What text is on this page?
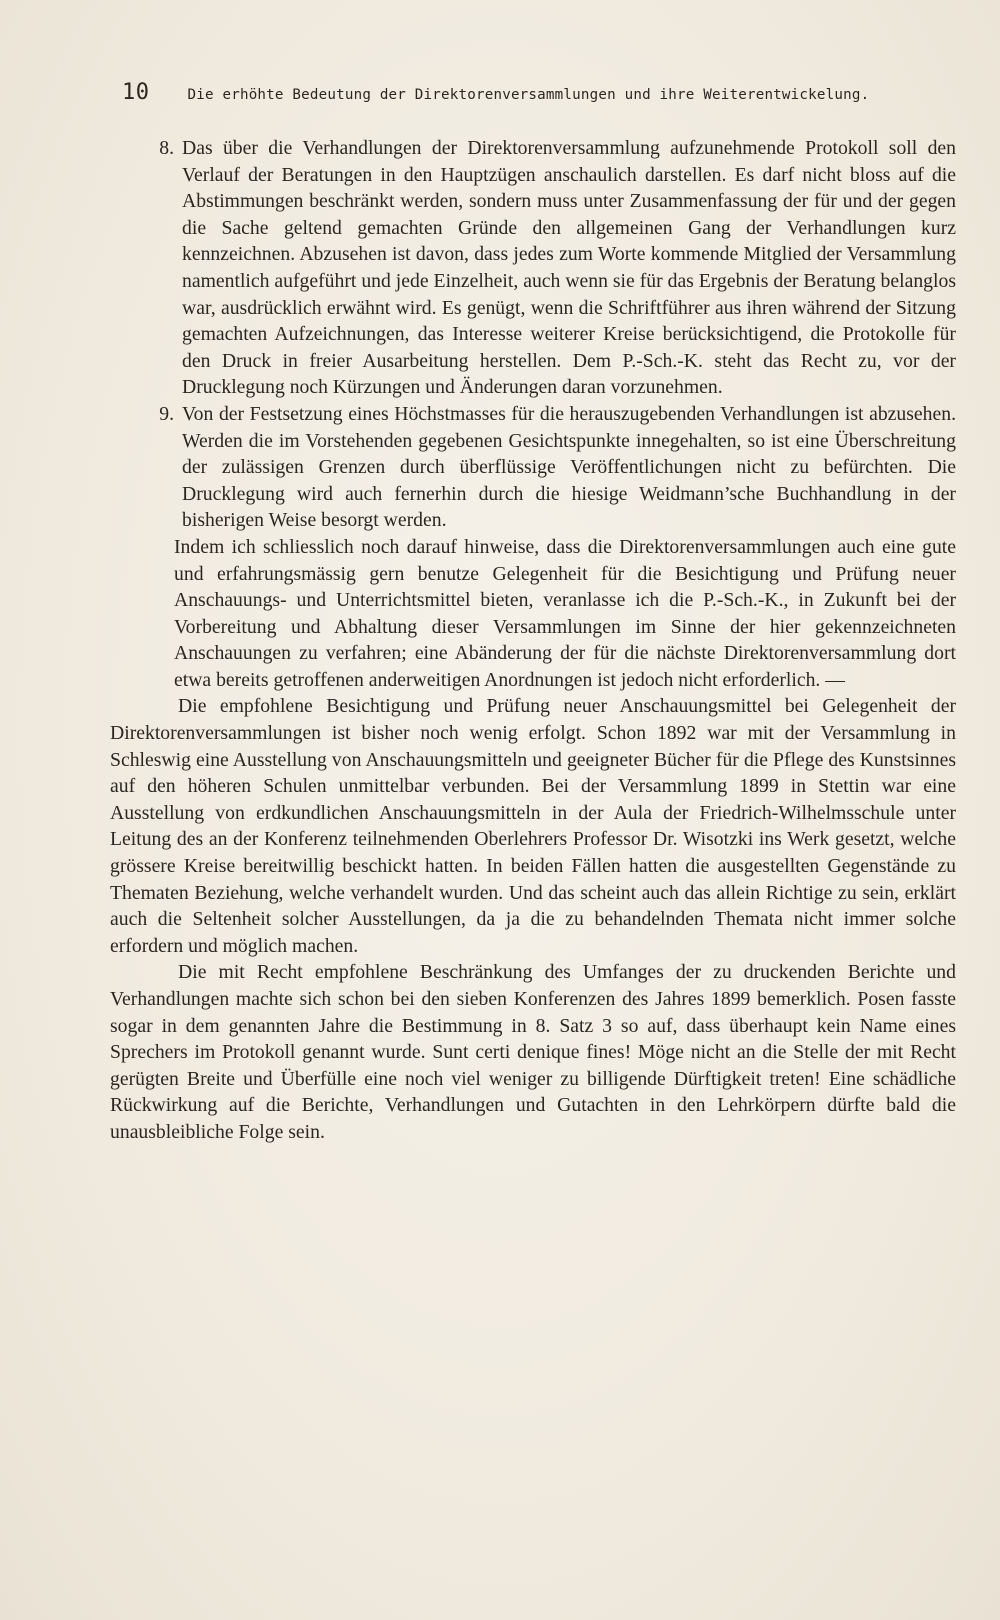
10	Die erhöhte Bedeutung der Direktorenversammlungen und ihre Weiterentwickelung.
8. Das über die Verhandlungen der Direktorenversammlung aufzunehmende Protokoll soll den Verlauf der Beratungen in den Hauptzügen anschaulich darstellen. Es darf nicht bloss auf die Abstimmungen beschränkt werden, sondern muss unter Zusammenfassung der für und der gegen die Sache geltend gemachten Gründe den allgemeinen Gang der Verhandlungen kurz kennzeichnen. Abzusehen ist davon, dass jedes zum Worte kommende Mitglied der Versammlung namentlich aufgeführt und jede Einzelheit, auch wenn sie für das Ergebnis der Beratung belanglos war, ausdrücklich erwähnt wird. Es genügt, wenn die Schriftführer aus ihren während der Sitzung gemachten Aufzeichnungen, das Interesse weiterer Kreise berücksichtigend, die Protokolle für den Druck in freier Ausarbeitung herstellen. Dem P.-Sch.-K. steht das Recht zu, vor der Drucklegung noch Kürzungen und Änderungen daran vorzunehmen.
9. Von der Festsetzung eines Höchstmasses für die herauszugebenden Verhandlungen ist abzusehen. Werden die im Vorstehenden gegebenen Gesichtspunkte innegehalten, so ist eine Überschreitung der zulässigen Grenzen durch überflüssige Veröffentlichungen nicht zu befürchten. Die Drucklegung wird auch fernerhin durch die hiesige Weidmann’sche Buchhandlung in der bisherigen Weise besorgt werden.

Indem ich schliesslich noch darauf hinweise, dass die Direktorenversammlungen auch eine gute und erfahrungsmässig gern benutze Gelegenheit für die Besichtigung und Prüfung neuer Anschauungs- und Unterrichtsmittel bieten, veranlasse ich die P.-Sch.-K., in Zukunft bei der Vorbereitung und Abhaltung dieser Versammlungen im Sinne der hier gekennzeichneten Anschauungen zu verfahren; eine Abänderung der für die nächste Direktorenversammlung dort etwa bereits getroffenen anderweitigen Anordnungen ist jedoch nicht erforderlich. —

Die empfohlene Besichtigung und Prüfung neuer Anschauungsmittel bei Gelegenheit der Direktorenversammlungen ist bisher noch wenig erfolgt. Schon 1892 war mit der Versammlung in Schleswig eine Ausstellung von Anschauungsmitteln und geeigneter Bücher für die Pflege des Kunstsinnes auf den höheren Schulen unmittelbar verbunden. Bei der Versammlung 1899 in Stettin war eine Ausstellung von erdkundlichen Anschauungsmitteln in der Aula der Friedrich-Wilhelmsschule unter Leitung des an der Konferenz teilnehmenden Oberlehrers Professor Dr. Wisotzki ins Werk gesetzt, welche grössere Kreise bereitwillig beschickt hatten. In beiden Fällen hatten die ausgestellten Gegenstände zu Thematen Beziehung, welche verhandelt wurden. Und das scheint auch das allein Richtige zu sein, erklärt auch die Seltenheit solcher Ausstellungen, da ja die zu behandelnden Themata nicht immer solche erfordern und möglich machen.

Die mit Recht empfohlene Beschränkung des Umfanges der zu druckenden Berichte und Verhandlungen machte sich schon bei den sieben Konferenzen des Jahres 1899 bemerklich. Posen fasste sogar in dem genannten Jahre die Bestimmung in 8. Satz 3 so auf, dass überhaupt kein Name eines Sprechers im Protokoll genannt wurde. Sunt certi denique fines! Möge nicht an die Stelle der mit Recht gerügten Breite und Überfülle eine noch viel weniger zu billigende Dürftigkeit treten! Eine schädliche Rückwirkung auf die Berichte, Verhandlungen und Gutachten in den Lehrkörpern dürfte bald die unausbleibliche Folge sein.
